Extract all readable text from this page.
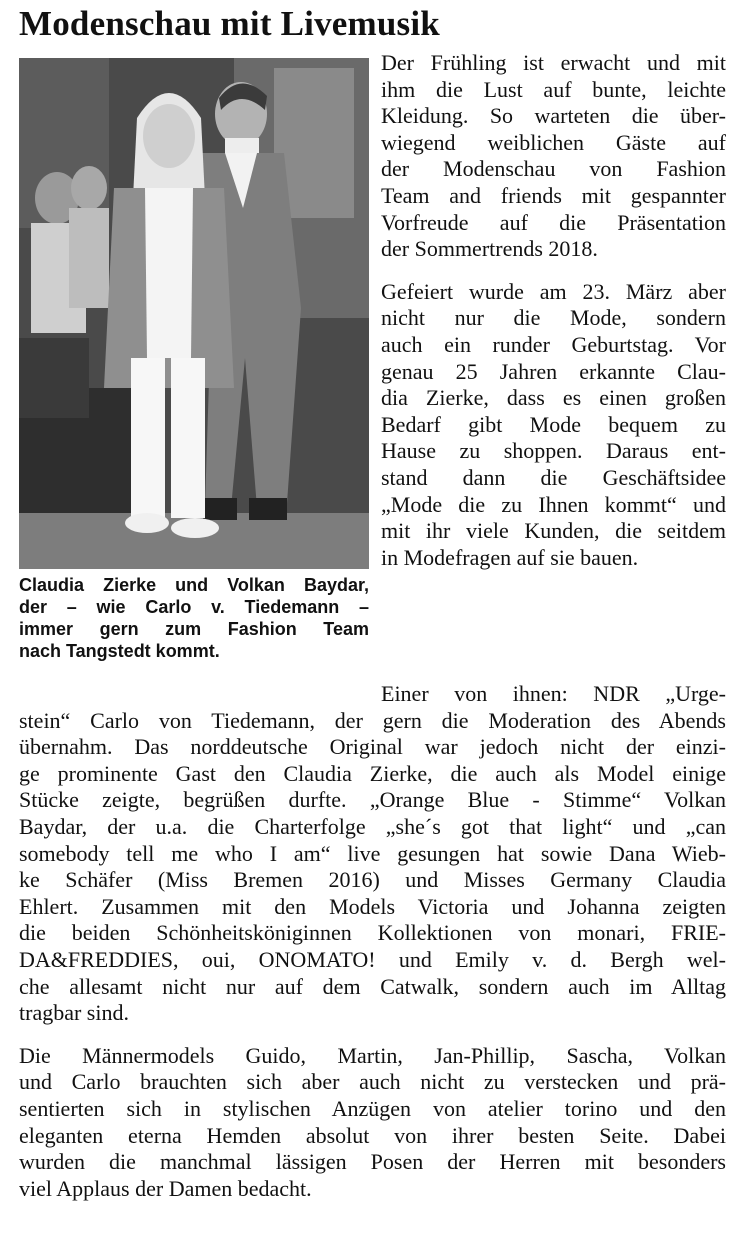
Modenschau mit Livemusik
Claudia Zierke und Volkan Baydar,
der – wie Carlo v. Tiedemann –
immer gern zum Fashion Team
nach Tangstedt kommt.

Der Frühling ist erwacht und mit
ihm die Lust auf bunte, leichte
Kleidung. So warteten die über-
wiegend weiblichen Gäste auf
der Modenschau von Fashion
Team and friends mit gespannter
Vorfreude auf die Präsentation
der Sommertrends 2018.

Gefeiert wurde am 23. März aber
nicht nur die Mode, sondern
auch ein runder Geburtstag. Vor
genau 25 Jahren erkannte Clau-
dia Zierke, dass es einen großen
Bedarf gibt Mode bequem zu
Hause zu shoppen. Daraus ent-
stand dann die Geschäftsidee
„Mode die zu Ihnen kommt“ und
mit ihr viele Kunden, die seitdem
in Modefragen auf sie bauen.

Einer von ihnen: NDR „Urge-
stein“ Carlo von Tiedemann, der gern die Moderation des Abends
übernahm. Das norddeutsche Original war jedoch nicht der einzi-
ge prominente Gast den Claudia Zierke, die auch als Model einige
Stücke zeigte, begrüßen durfte. „Orange Blue - Stimme“ Volkan
Baydar, der u.a. die Charterfolge „she´s got that light“ und „can
somebody tell me who I am“ live gesungen hat sowie Dana Wieb-
ke Schäfer (Miss Bremen 2016) und Misses Germany Claudia
Ehlert. Zusammen mit den Models Victoria und Johanna zeigten
die beiden Schönheitsköniginnen Kollektionen von monari, FRIE-
DA&FREDDIES, oui, ONOMATO! und Emily v. d. Bergh wel-
che allesamt nicht nur auf dem Catwalk, sondern auch im Alltag
tragbar sind.
Die Männermodels Guido, Martin, Jan-Phillip, Sascha, Volkan
und Carlo brauchten sich aber auch nicht zu verstecken und prä-
sentierten sich in stylischen Anzügen von atelier torino und den
eleganten eterna Hemden absolut von ihrer besten Seite. Dabei
wurden die manchmal lässigen Posen der Herren mit besonders
viel Applaus der Damen bedacht.
